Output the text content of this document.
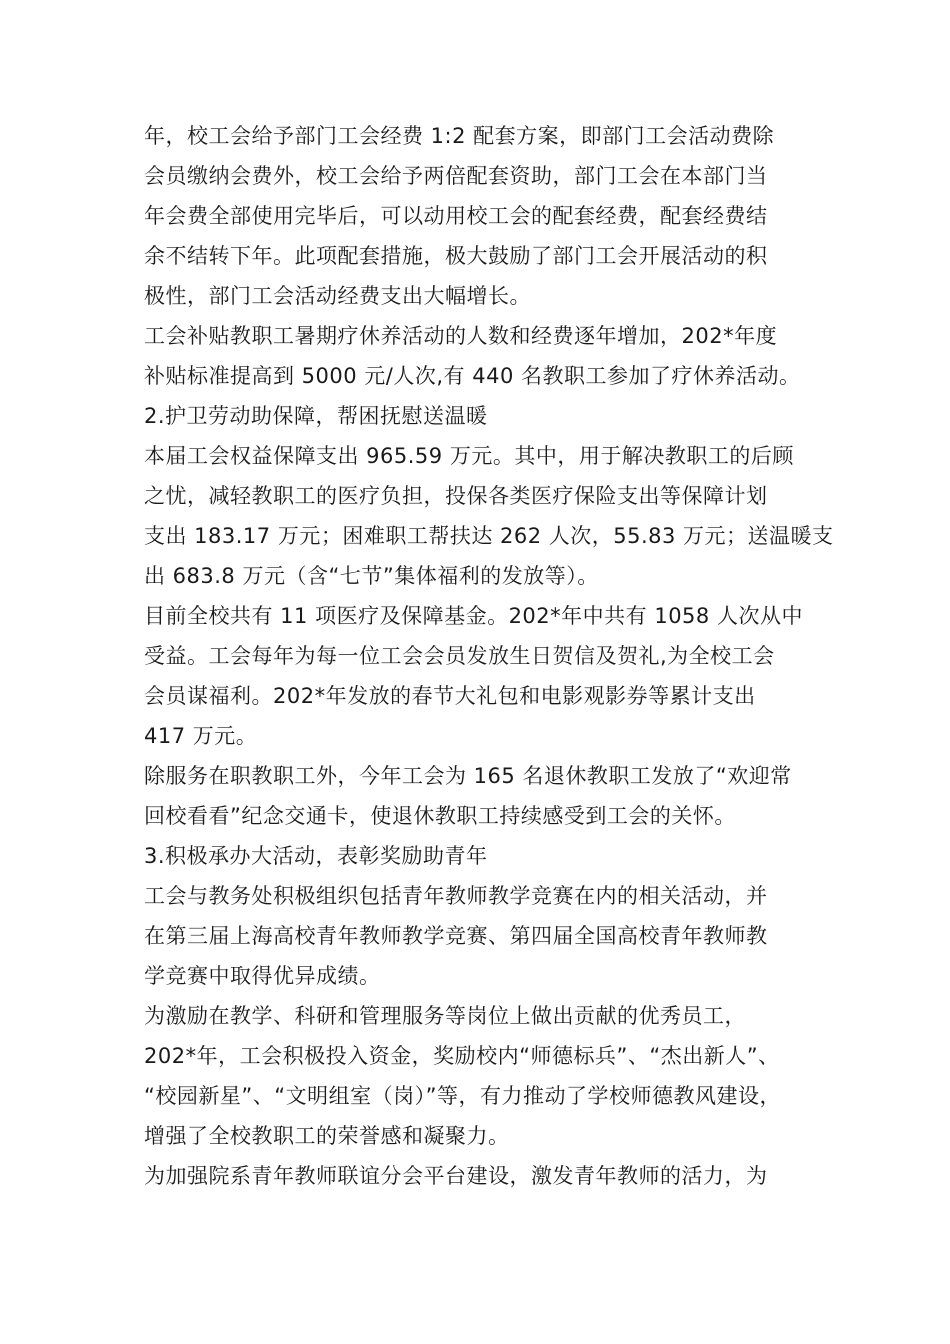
年，校工会给予部门工会经费 1:2 配套方案，即部门工会活动费除
会员缴纳会费外，校工会给予两倍配套资助，部门工会在本部门当
年会费全部使用完毕后，可以动用校工会的配套经费，配套经费结
余不结转下年。此项配套措施，极大鼓励了部门工会开展活动的积
极性，部门工会活动经费支出大幅增长。
工会补贴教职工暑期疗休养活动的人数和经费逐年增加，202*年度
补贴标准提高到 5000 元/人次,有 440 名教职工参加了疗休养活动。
2.护卫劳动助保障，帮困抚慰送温暖
本届工会权益保障支出 965.59 万元。其中，用于解决教职工的后顾
之忧，减轻教职工的医疗负担，投保各类医疗保险支出等保障计划
支出 183.17 万元；困难职工帮扶达 262 人次，55.83 万元；送温暖支
出 683.8 万元（含“七节”集体福利的发放等）。
目前全校共有 11 项医疗及保障基金。202*年中共有 1058 人次从中
受益。工会每年为每一位工会会员发放生日贺信及贺礼,为全校工会
会员谋福利。202*年发放的春节大礼包和电影观影券等累计支出
417 万元。
除服务在职教职工外，今年工会为 165 名退休教职工发放了“欢迎常
回校看看”纪念交通卡，使退休教职工持续感受到工会的关怀。
3.积极承办大活动，表彰奖励助青年
工会与教务处积极组织包括青年教师教学竞赛在内的相关活动，并
在第三届上海高校青年教师教学竞赛、第四届全国高校青年教师教
学竞赛中取得优异成绩。
为激励在教学、科研和管理服务等岗位上做出贡献的优秀员工，
202*年，工会积极投入资金，奖励校内“师德标兵”、“杰出新人”、
“校园新星”、“文明组室（岗）”等，有力推动了学校师德教风建设，
增强了全校教职工的荣誉感和凝聚力。
为加强院系青年教师联谊分会平台建设，激发青年教师的活力，为
